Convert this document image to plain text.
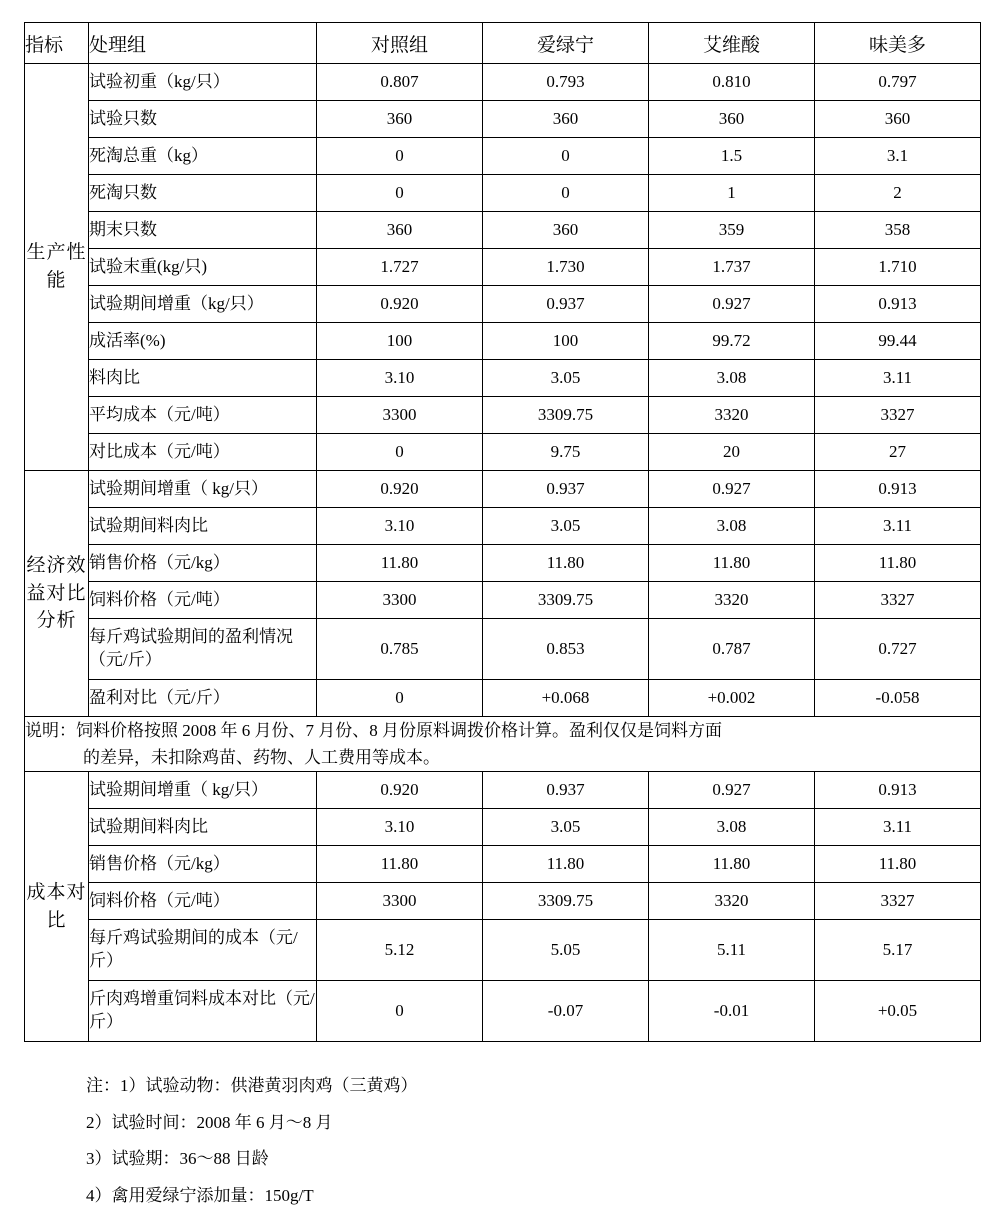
指标	处理组	对照组	爱绿宁	艾维酸	味美多
生产性能	试验初重（kg/只）	0.807	0.793	0.810	0.797
	试验只数	360	360	360	360
	死淘总重（kg）	0	0	1.5	3.1
	死淘只数	0	0	1	2
	期末只数	360	360	359	358
	试验末重(kg/只)	1.727	1.730	1.737	1.710
	试验期间增重（kg/只）	0.920	0.937	0.927	0.913
	成活率(%)	100	100	99.72	99.44
	料肉比	3.10	3.05	3.08	3.11
	平均成本（元/吨）	3300	3309.75	3320	3327
	对比成本（元/吨）	0	9.75	20	27
经济效益对比分析	试验期间增重（ kg/只）	0.920	0.937	0.927	0.913
	试验期间料肉比	3.10	3.05	3.08	3.11
	销售价格（元/kg）	11.80	11.80	11.80	11.80
	饲料价格（元/吨）	3300	3309.75	3320	3327
	每斤鸡试验期间的盈利情况（元/斤）	0.785	0.853	0.787	0.727
	盈利对比（元/斤）	0	+0.068	+0.002	-0.058

说明：饲料价格按照 2008 年 6 月份、7 月份、8 月份原料调拨价格计算。盈利仅仅是饲料方面
的差异，未扣除鸡苗、药物、人工费用等成本。					

成本对比	试验期间增重（ kg/只）	0.920	0.937	0.927	0.913
	试验期间料肉比	3.10	3.05	3.08	3.11
	销售价格（元/kg）	11.80	11.80	11.80	11.80
	饲料价格（元/吨）	3300	3309.75	3320	3327
	每斤鸡试验期间的成本（元/斤）	5.12	5.05	5.11	5.17
	斤肉鸡增重饲料成本对比（元/斤）	0	-0.07	-0.01	+0.05
注：1）试验动物：供港黄羽肉鸡（三黄鸡）
2）试验时间：2008 年 6 月～8 月
3）试验期：36～88 日龄
4）禽用爱绿宁添加量：150g/T
